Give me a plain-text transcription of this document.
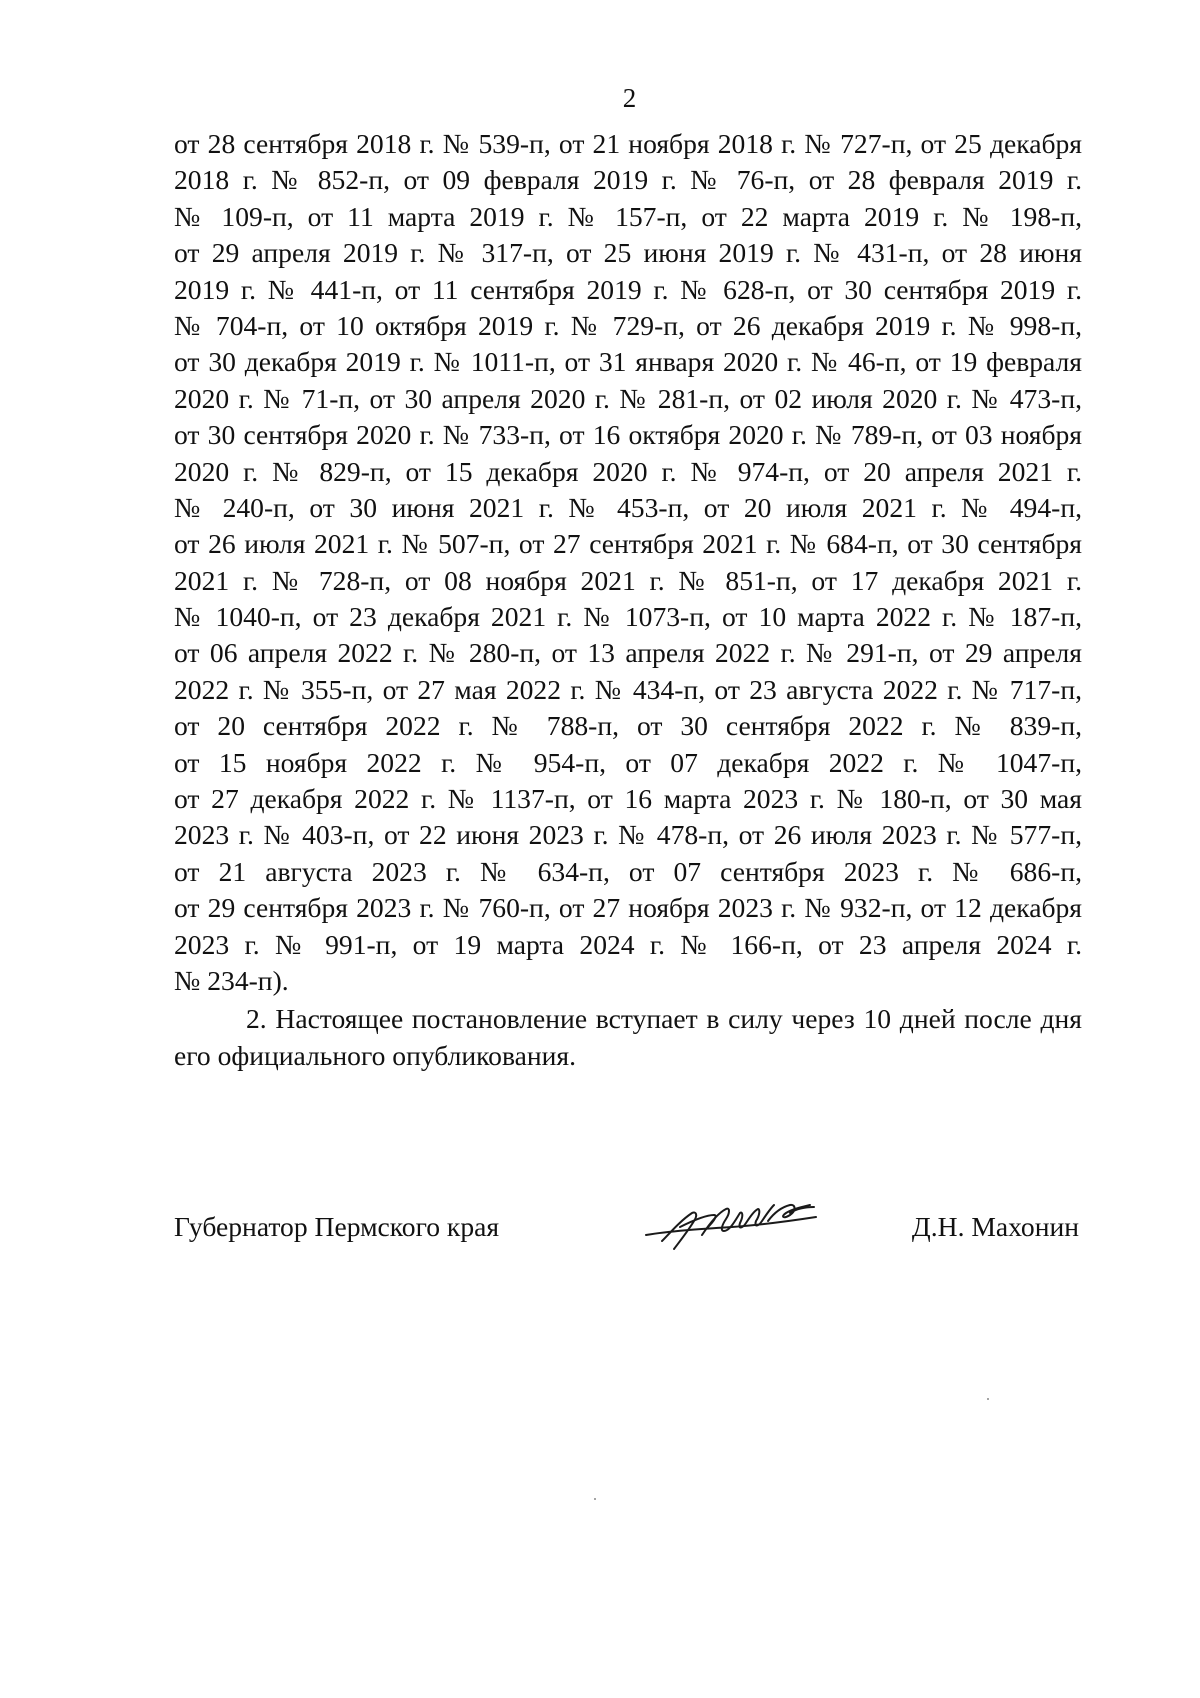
2
от 28 сентября 2018 г. № 539-п, от 21 ноября 2018 г. № 727-п, от 25 декабря
2018 г. № 852-п, от 09 февраля 2019 г. № 76-п, от 28 февраля 2019 г.
№ 109-п, от 11 марта 2019 г. № 157-п, от 22 марта 2019 г. № 198-п,
от 29 апреля 2019 г. № 317-п, от 25 июня 2019 г. № 431-п, от 28 июня
2019 г. № 441-п, от 11 сентября 2019 г. № 628-п, от 30 сентября 2019 г.
№ 704-п, от 10 октября 2019 г. № 729-п, от 26 декабря 2019 г. № 998-п,
от 30 декабря 2019 г. № 1011-п, от 31 января 2020 г. № 46-п, от 19 февраля
2020 г. № 71-п, от 30 апреля 2020 г. № 281-п, от 02 июля 2020 г. № 473-п,
от 30 сентября 2020 г. № 733-п, от 16 октября 2020 г. № 789-п, от 03 ноября
2020 г. № 829-п, от 15 декабря 2020 г. № 974-п, от 20 апреля 2021 г.
№ 240-п, от 30 июня 2021 г. № 453-п, от 20 июля 2021 г. № 494-п,
от 26 июля 2021 г. № 507-п, от 27 сентября 2021 г. № 684-п, от 30 сентября
2021 г. № 728-п, от 08 ноября 2021 г. № 851-п, от 17 декабря 2021 г.
№ 1040-п, от 23 декабря 2021 г. № 1073-п, от 10 марта 2022 г. № 187-п,
от 06 апреля 2022 г. № 280-п, от 13 апреля 2022 г. № 291-п, от 29 апреля
2022 г. № 355-п, от 27 мая 2022 г. № 434-п, от 23 августа 2022 г. № 717-п,
от 20 сентября 2022 г. № 788-п, от 30 сентября 2022 г. № 839-п,
от 15 ноября 2022 г. № 954-п, от 07 декабря 2022 г. № 1047-п,
от 27 декабря 2022 г. № 1137-п, от 16 марта 2023 г. № 180-п, от 30 мая
2023 г. № 403-п, от 22 июня 2023 г. № 478-п, от 26 июля 2023 г. № 577-п,
от 21 августа 2023 г. № 634-п, от 07 сентября 2023 г. № 686-п,
от 29 сентября 2023 г. № 760-п, от 27 ноября 2023 г. № 932-п, от 12 декабря
2023 г. № 991-п, от 19 марта 2024 г. № 166-п, от 23 апреля 2024 г.
№ 234-п).
2. Настоящее постановление вступает в силу через 10 дней после дня
его официального опубликования.
Губернатор Пермского края	Д.Н. Махонин
